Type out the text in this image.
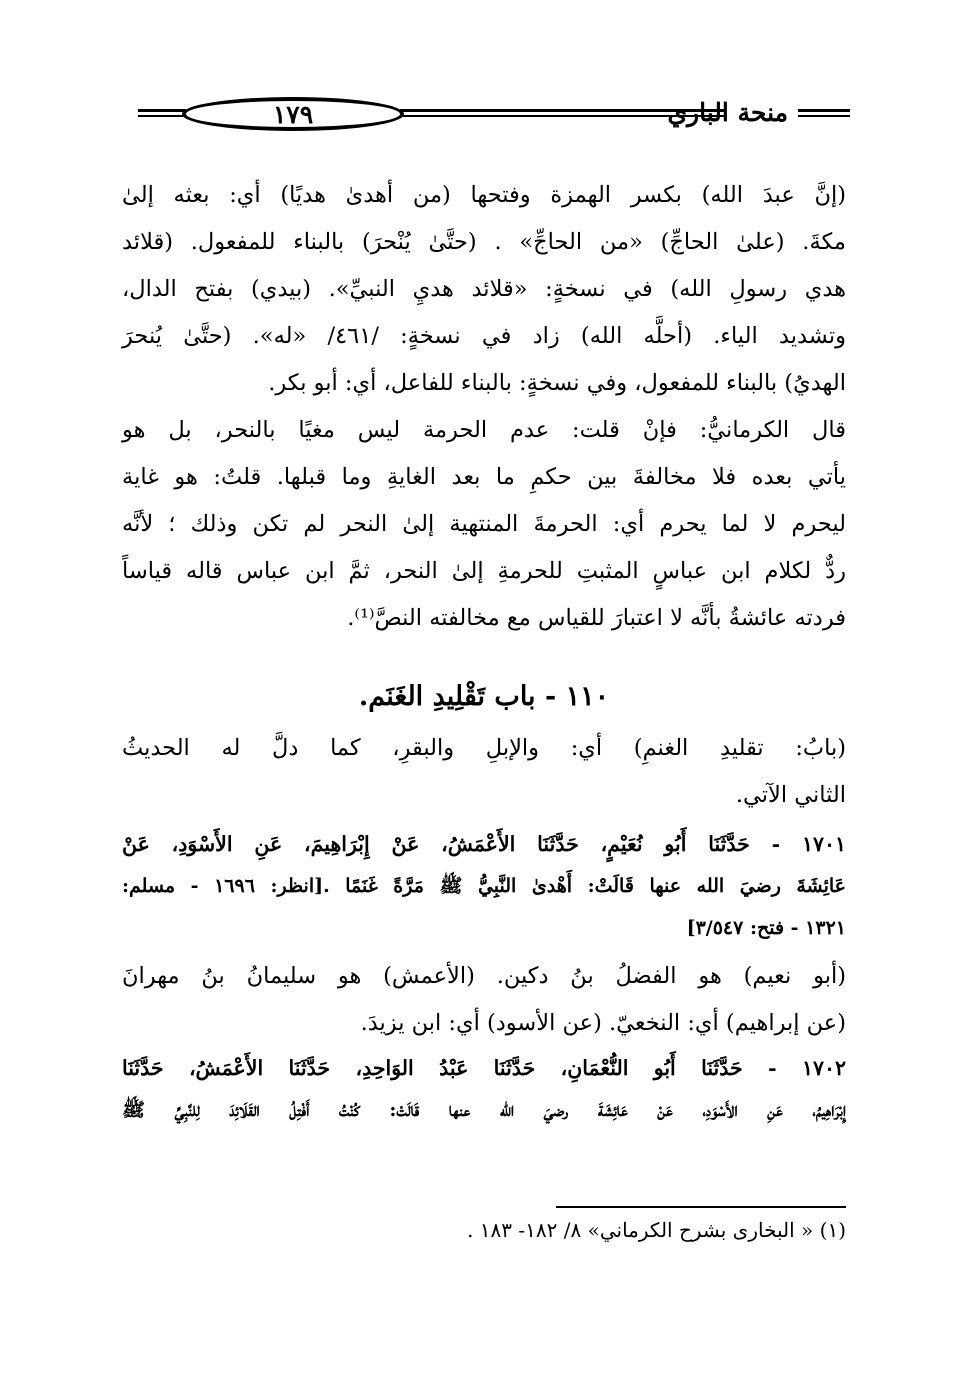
١٧٩	منحة الباري
(إنَّ عبدَ الله) بكسر الهمزة وفتحها (من أهدىٰ هديًا) أي: بعثه إلىٰ
مكةَ. (علىٰ الحاجِّ) «من الحاجِّ» . (حتَّىٰ يُنْحرَ) بالبناء للمفعول. (قلائد
هدي رسولِ الله) في نسخةٍ: «قلائد هديِ النبيِّ». (بيدي) بفتح الدال،
وتشديد الياء. (أحلَّه الله) زاد في نسخةٍ: /٤٦١/ «له». (حتَّىٰ يُنحرَ
الهديُ) بالبناء للمفعول، وفي نسخةٍ: بالبناء للفاعل، أي: أبو بكر.
قال الكرمانيُّ: فإنْ قلت: عدم الحرمة ليس مغيًا بالنحر، بل هو
يأتي بعده فلا مخالفةَ بين حكمِ ما بعد الغايةِ وما قبلها. قلتُ: هو غاية
ليحرم لا لما يحرم أي: الحرمةَ المنتهية إلىٰ النحر لم تكن وذلك ؛ لأنَّه
ردٌّ لكلام ابن عباسٍ المثبتِ للحرمةِ إلىٰ النحر، ثمَّ ابن عباس قاله قياساً
فردته عائشةُ بأنَّه لا اعتبارَ للقياس مع مخالفته النصَّ⁽¹⁾.
١١٠ - باب تَقْلِيدِ الغَنَم.
(بابُ: تقليدِ الغنمِ) أي: والإبلِ والبقرِ، كما دلَّ له الحديثُ
الثاني الآتي.
١٧٠١ - حَدَّثَنَا أَبُو نُعَيْمٍ، حَدَّثَنَا الأَعْمَشُ، عَنْ إِبْرَاهِيمَ، عَنِ الأَسْوَدِ، عَنْ
عَائِشَةَ رضيَ الله عنها قَالَتْ: أَهْدىٰ النَّبِيُّ ﷺ مَرَّةً غَنَمًا .[انظر: ١٦٩٦ - مسلم:
١٣٢١ - فتح: ٣/٥٤٧]
(أبو نعيم) هو الفضلُ بنُ دكين. (الأعمش) هو سليمانُ بنُ مهرانَ
(عن إبراهيم) أي: النخعيّ. (عن الأسود) أي: ابن يزيدَ.
١٧٠٢ - حَدَّثَنَا أَبُو النُّعْمَانِ، حَدَّثَنَا عَبْدُ الوَاحِدِ، حَدَّثَنَا الأَعْمَشُ، حَدَّثَنَا
إِبْرَاهِيمُ، عَنِ الأَسْوَدِ، عَنْ عَائِشَةَ رضيَ الله عنها قَالَتْ: كُنْتُ أَفْتِلُ القَلَائِدَ لِلنَّبِيِّ ﷺ
(١) « البخارى بشرح الكرماني» ٨/ ١٨٢- ١٨٣ .
